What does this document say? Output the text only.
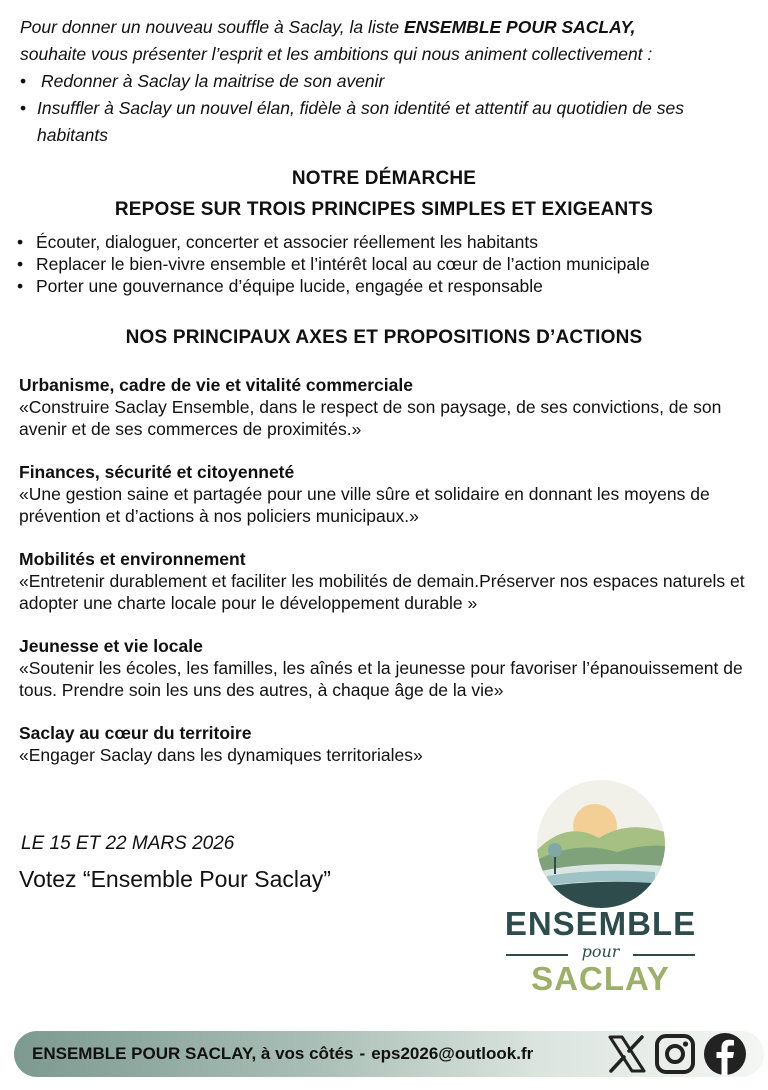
Pour donner un nouveau souffle à Saclay, la liste ENSEMBLE POUR SACLAY,

souhaite vous présenter l’esprit et les ambitions qui nous animent collectivement :

• Redonner à Saclay la maitrise de son avenir
• Insuffler à Saclay un nouvel élan, fidèle à son identité et attentif au quotidien de ses habitants
NOTRE DÉMARCHE
REPOSE SUR TROIS PRINCIPES SIMPLES ET EXIGEANTS
• Écouter, dialoguer, concerter et associer réellement les habitants
• Replacer le bien-vivre ensemble et l’intérêt local au cœur de l’action municipale
• Porter une gouvernance d’équipe lucide, engagée et responsable
NOS PRINCIPAUX AXES ET PROPOSITIONS D’ACTIONS
Urbanisme, cadre de vie et vitalité commerciale
«Construire Saclay Ensemble, dans le respect de son paysage, de ses convictions, de son avenir et de ses commerces de proximités.»
Finances, sécurité et citoyenneté
«Une gestion saine et partagée pour une ville sûre et solidaire en donnant les moyens de prévention et d’actions à nos policiers municipaux.»
Mobilités et environnement
«Entretenir durablement et faciliter les mobilités de demain.Préserver nos espaces naturels et adopter une charte locale pour le développement durable »
Jeunesse et vie locale
«Soutenir les écoles, les familles, les aînés et la jeunesse pour favoriser l’épanouissement de tous. Prendre soin les uns des autres, à chaque âge de la vie»
Saclay au cœur du territoire
«Engager Saclay dans les dynamiques territoriales»
LE 15 ET 22 MARS 2026
Votez “Ensemble Pour Saclay”
ENSEMBLE
pour
SACLAY
ENSEMBLE POUR SACLAY, à vos côtés - eps2026@outlook.fr
